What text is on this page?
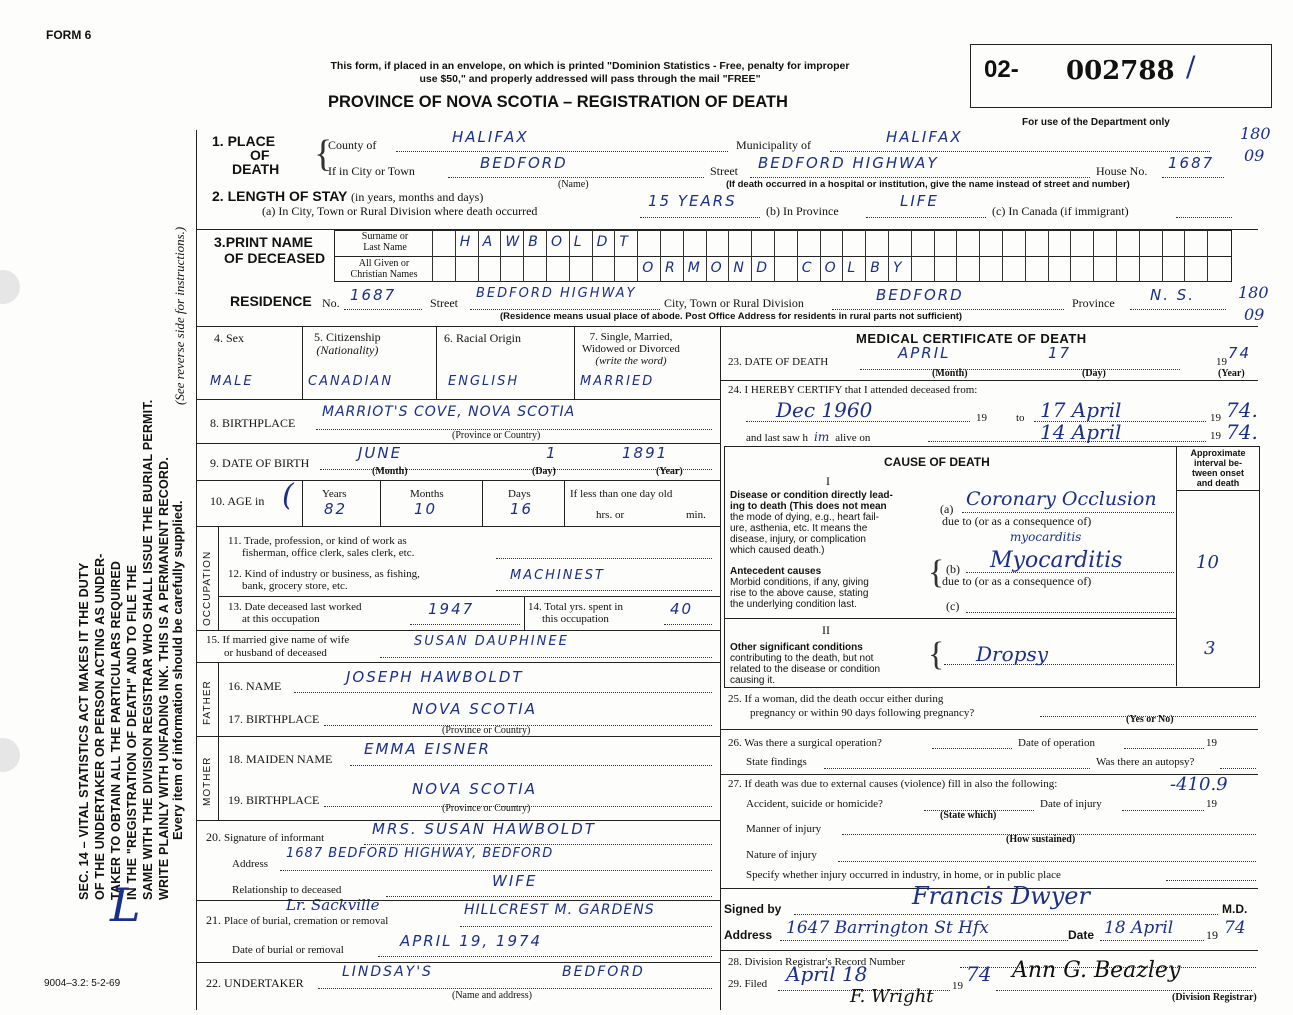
FORM 6
SEC. 14 – VITAL STATISTICS ACT MAKES IT THE DUTY OF THE UNDERTAKER OR PERSON ACTING AS UNDER- TAKER TO OBTAIN ALL THE PARTICULARS REQUIRED IN THE "REGISTRATION OF DEATH" AND TO FILE THE SAME WITH THE DIVISION REGISTRAR WHO SHALL ISSUE THE BURIAL PERMIT. WRITE PLAINLY WITH UNFADING INK. THIS IS A PERMANENT RECORD. Every item of information should be carefully supplied.
(See reverse side for instructions.)
L
9004–3.2: 5-2-69
This form, if placed in an envelope, on which is printed "Dominion Statistics - Free, penalty for improper
use $50," and properly addressed will pass through the mail "FREE"
PROVINCE OF NOVA SCOTIA – REGISTRATION OF DEATH
02- 002788 /
For use of the Department only
180
09
180
09
1. PLACE
OF
DEATH {
County of	HALIFAX	Municipality of	HALIFAX
If in City or Town	BEDFORD	Street BEDFORD HIGHWAY	House No. 1687
(Name)	(If death occurred in a hospital or institution, give the name instead of street and number)
2. LENGTH OF STAY (in years, months and days)
(a) In City, Town or Rural Division where death occurred
15 YEARS
(b) In Province
LIFE
(c) In Canada (if immigrant)
3.PRINT NAME
OF DECEASED
Surname or
Last Name
All Given or
Christian Names
H A W B O L D T
O R M O N D C O L B Y
RESIDENCE No. 1687	Street
BEDFORD HIGHWAY
City, Town or Rural Division	BEDFORD	Province N. S.
(Residence means usual place of abode. Post Office Address for residents in rural parts not sufficient)
4. Sex
MALE
5. Citizenship
(Nationality)
CANADIAN
6. Racial Origin
ENGLISH
7. Single, Married,
Widowed or Divorced
(write the word)
MARRIED
8. BIRTHPLACE
MARRIOT'S COVE, NOVA SCOTIA
(Province or Country)
9. DATE OF BIRTH
JUNE	1	1891
(Month)	(Day)	(Year)
10. AGE in (	Years	Months	Days	If less than one day old
82	10	16	hrs. or	min.
OCCUPATION
11. Trade, profession, or kind of work as
fisherman, office clerk, sales clerk, etc.
12. Kind of industry or business, as fishing,
bank, grocery store, etc.
MACHINEST
13. Date deceased last worked
at this occupation
1947	14. Total yrs. spent in
this occupation
40
15. If married give name of wife
or husband of deceased
SUSAN DAUPHINEE
FATHER 16. NAME	JOSEPH HAWBOLDT
17. BIRTHPLACE
NOVA SCOTIA
(Province or Country)
MOTHER 18. MAIDEN NAME
EMMA EISNER
19. BIRTHPLACE
NOVA SCOTIA
(Province or Country)
20. Signature of informant	MRS. SUSAN HAWBOLDT
Address
1687 BEDFORD HIGHWAY, BEDFORD
Relationship to deceased	WIFE
21. Place of burial, cremation or removal
HILLCREST M. GARDENS
Lr. Sackville
Date of burial or removal	APRIL 19, 1974
22. UNDERTAKER
LINDSAY'S	BEDFORD
(Name and address)
MEDICAL CERTIFICATE OF DEATH
23. DATE OF DEATH	APRIL	17	19 74
(Month)	(Day)	(Year)
24. I HEREBY CERTIFY that I attended deceased from:
Dec 1960	19	to 17 April	19 74.
and last saw h im alive on	14 April	19 74.
CAUSE OF DEATH
Approximate
interval be-
tween onset
and death
I
Disease or condition directly lead-
ing to death (This does not mean
the mode of dying, e.g., heart fail-
ure, asthenia, etc. It means the
disease, injury, or complication
which caused death.)
(a) Coronary Occlusion
due to (or as a consequence of)
Antecedent causes
Morbid conditions, if any, giving
rise to the above cause, stating
the underlying condition last.
{ (b)
myocarditis
Myocarditis	10
due to (or as a consequence of)
(c)
II
Other significant conditions
contributing to the death, but not
related to the disease or condition
causing it.
{ Dropsy	3
25. If a woman, did the death occur either during
pregnancy or within 90 days following pregnancy?
(Yes or No)
26. Was there a surgical operation?	Date of operation	19
State findings	Was there an autopsy?
27. If death was due to external causes (violence) fill in also the following:	-410.9
Accident, suicide or homicide?	Date of injury	19
(State which)
Manner of injury
(How sustained)
Nature of injury
Specify whether injury occurred in industry, in home, or in public place
Signed by	Francis Dwyer	M.D.
Address 1647 Barrington St Hfx	Date 18 April	19 74
28. Division Registrar's Record Number
29. Filed April 18	19 74 Ann G. Beazley
F. Wright	(Division Registrar)
